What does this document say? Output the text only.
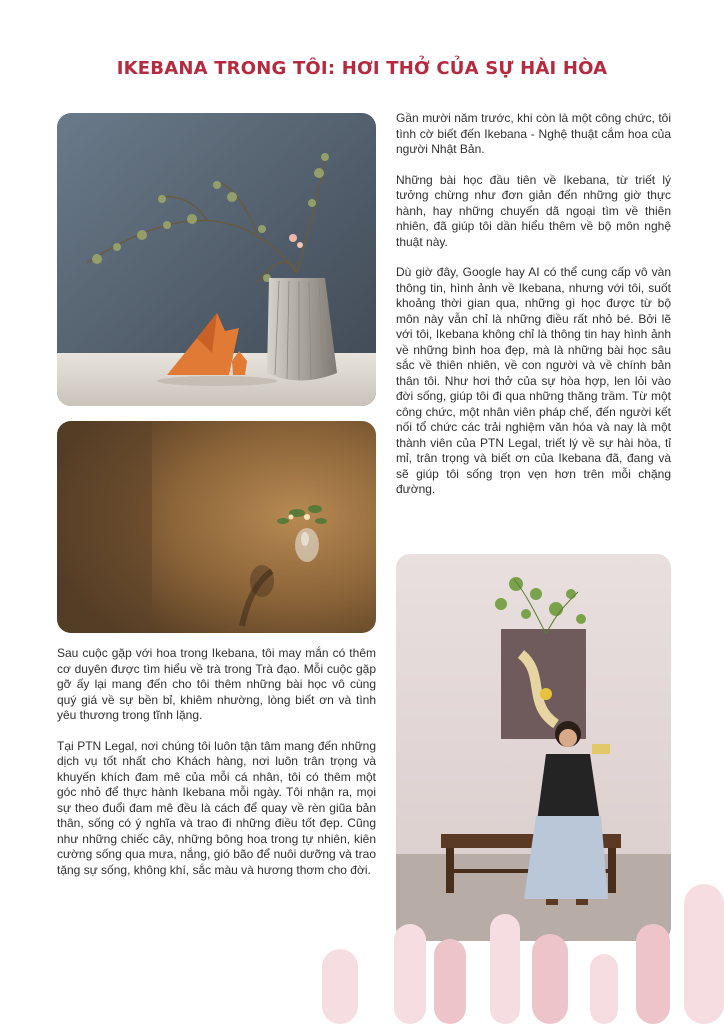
IKEBANA TRONG TÔI: HƠI THỞ CỦA SỰ HÀI HÒA

Gần mười năm trước, khi còn là một công chức, tôi tình cờ biết đến Ikebana - Nghệ thuật cắm hoa của người Nhật Bản.

Những bài học đầu tiên về Ikebana, từ triết lý tưởng chừng như đơn giản đến những giờ thực hành, hay những chuyến dã ngoại tìm về thiên nhiên, đã giúp tôi dần hiểu thêm về bộ môn nghệ thuật này.

Dù giờ đây, Google hay AI có thể cung cấp vô vàn thông tin, hình ảnh về Ikebana, nhưng với tôi, suốt khoảng thời gian qua, những gì học được từ bộ môn này vẫn chỉ là những điều rất nhỏ bé. Bởi lẽ với tôi, Ikebana không chỉ là thông tin hay hình ảnh về những bình hoa đẹp, mà là những bài học sâu sắc về thiên nhiên, về con người và về chính bản thân tôi. Như hơi thở của sự hòa hợp, len lỏi vào đời sống, giúp tôi đi qua những thăng trầm. Từ một công chức, một nhân viên pháp chế, đến người kết nối tổ chức các trải nghiệm văn hóa và nay là một thành viên của PTN Legal, triết lý về sự hài hòa, tỉ mỉ, trân trọng và biết ơn của Ikebana đã, đang và sẽ giúp tôi sống trọn vẹn hơn trên mỗi chặng đường.

Sau cuộc gặp với hoa trong Ikebana, tôi may mắn có thêm cơ duyên được tìm hiểu về trà trong Trà đạo. Mỗi cuộc gặp gỡ ấy lại mang đến cho tôi thêm những bài học vô cùng quý giá về sự bền bỉ, khiêm nhường, lòng biết ơn và tình yêu thương trong tĩnh lặng.

Tại PTN Legal, nơi chúng tôi luôn tận tâm mang đến những dịch vụ tốt nhất cho Khách hàng, nơi luôn trân trọng và khuyến khích đam mê của mỗi cá nhân, tôi có thêm một góc nhỏ để thực hành Ikebana mỗi ngày. Tôi nhận ra, mọi sự theo đuổi đam mê đều là cách để quay về rèn giũa bản thân, sống có ý nghĩa và trao đi những điều tốt đẹp. Cũng như những chiếc cây, những bông hoa trong tự nhiên, kiên cường sống qua mưa, nắng, gió bão để nuôi dưỡng và trao tặng sự sống, không khí, sắc màu và hương thơm cho đời.
